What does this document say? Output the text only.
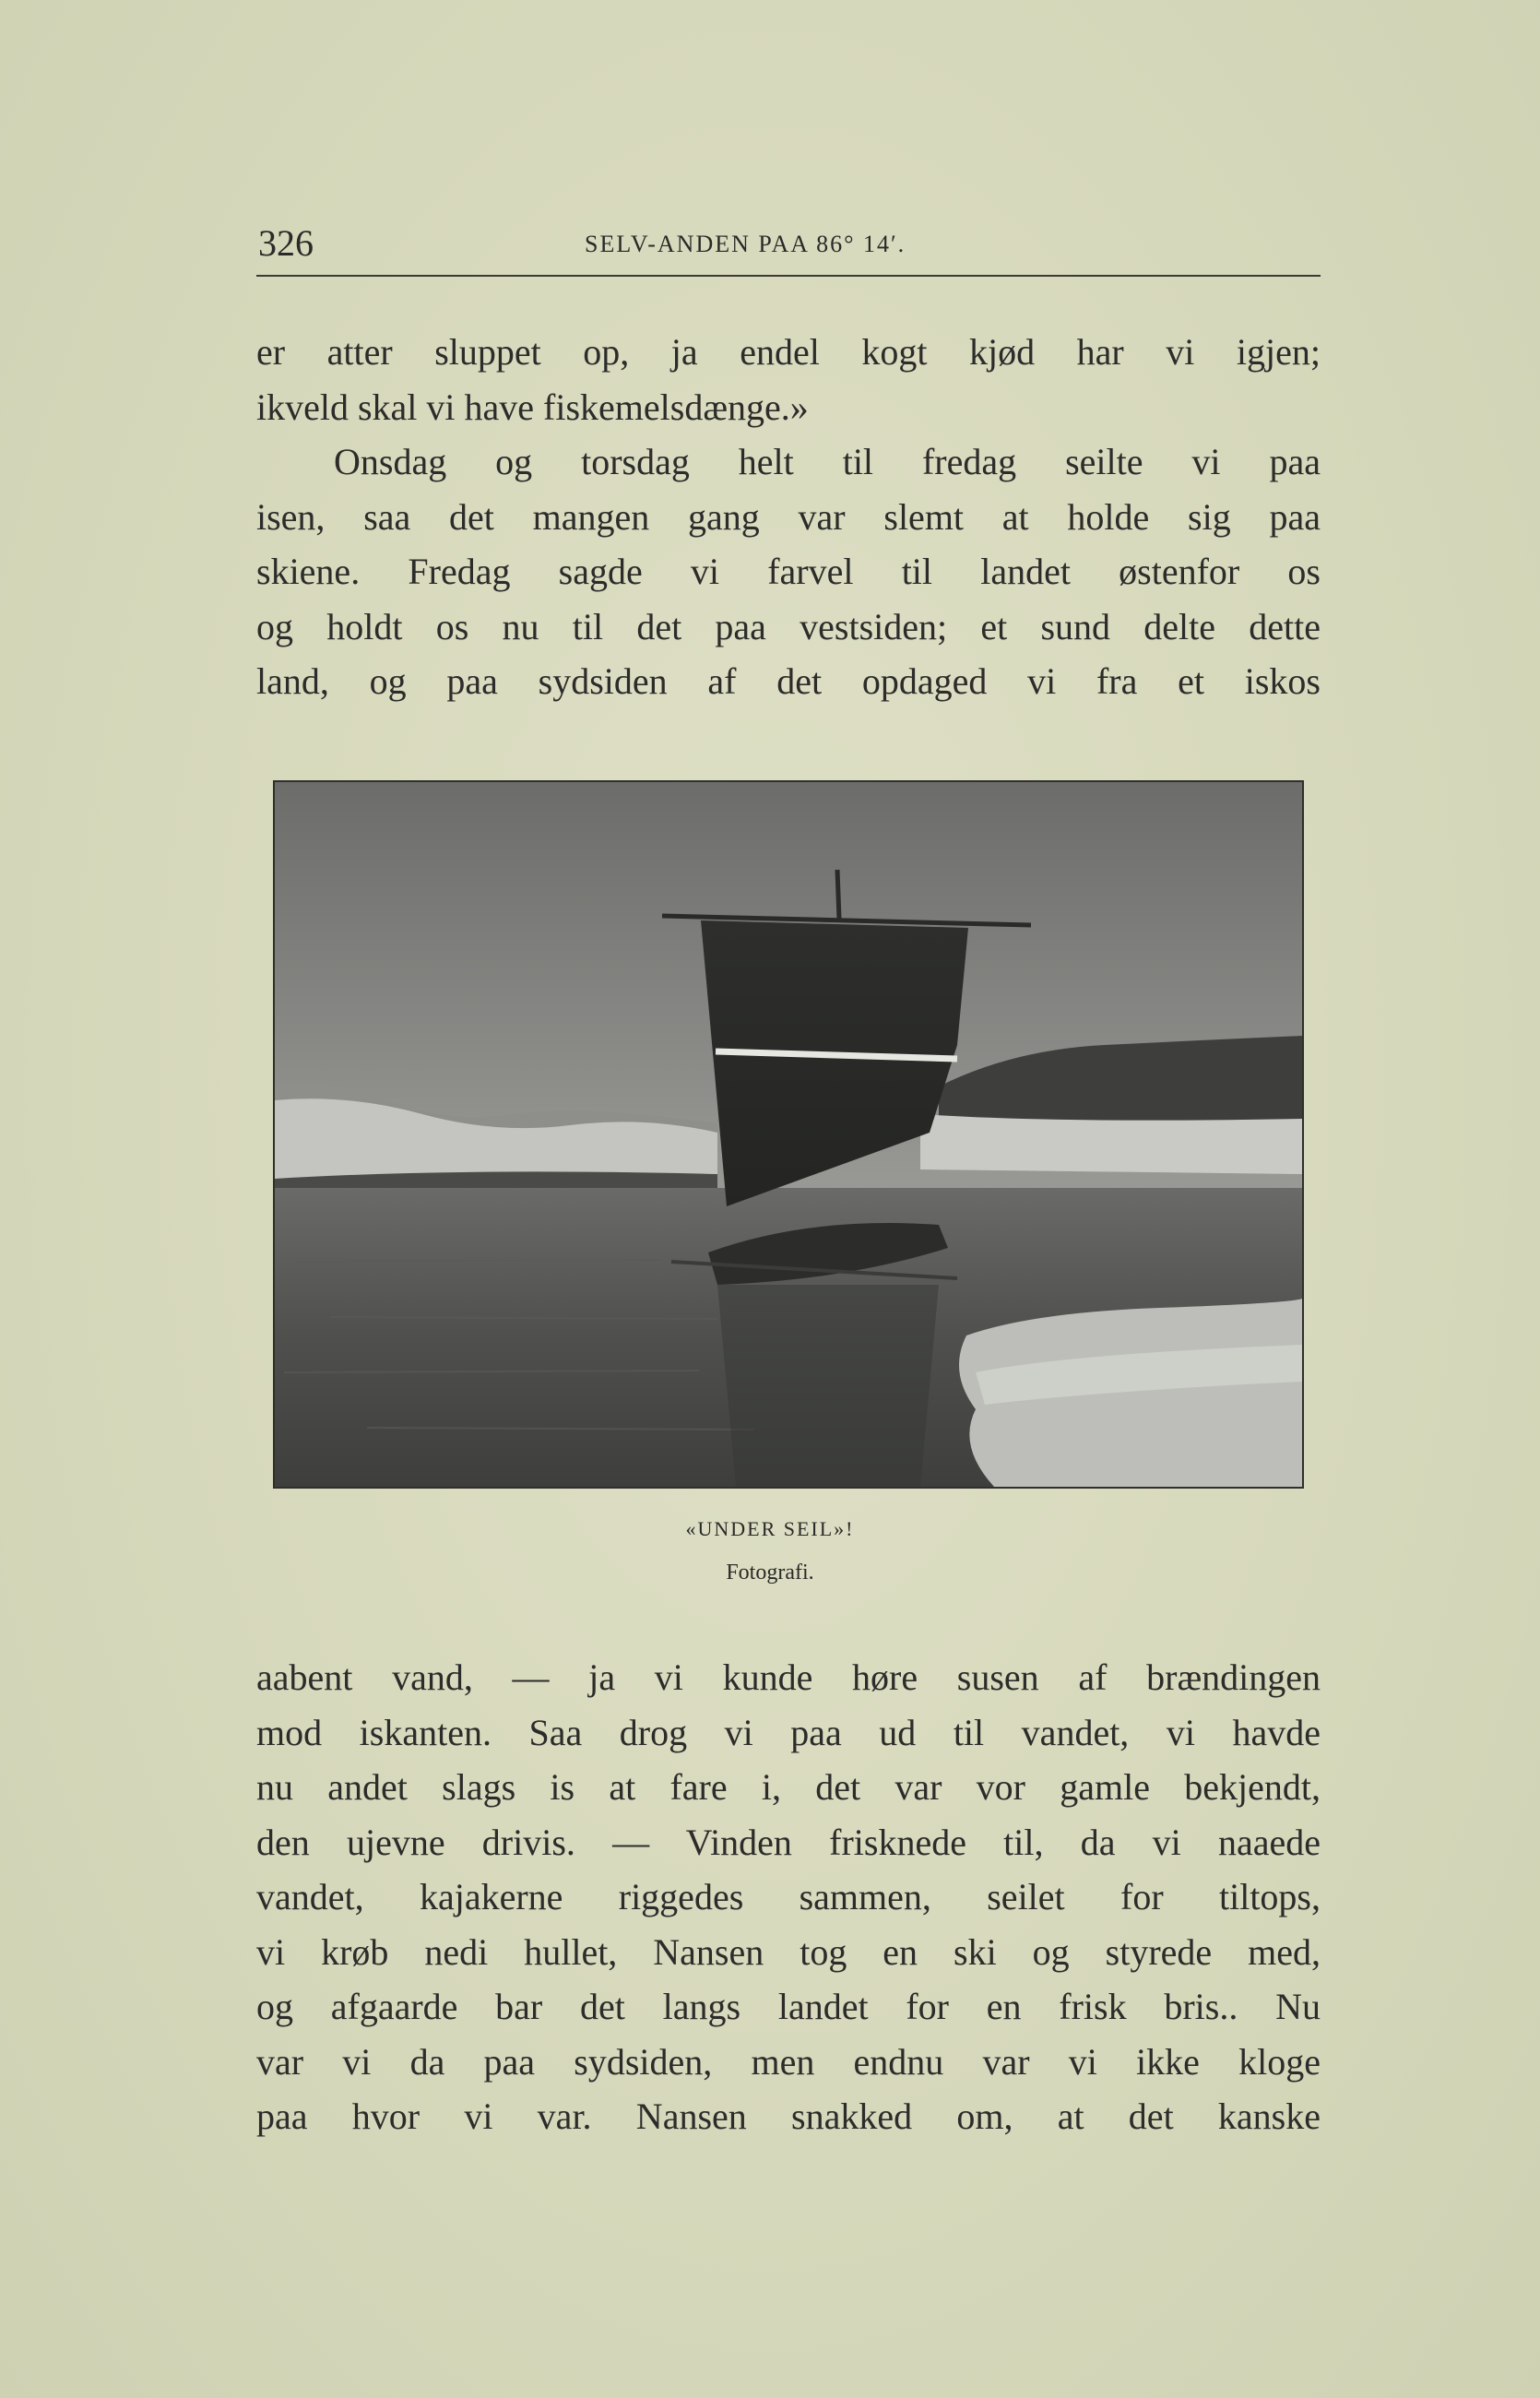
326	SELV-ANDEN PAA 86° 14′.
er atter sluppet op, ja endel kogt kjød har vi igjen;
ikveld skal vi have fiskemelsdænge.»
Onsdag og torsdag helt til fredag seilte vi paa
isen, saa det mangen gang var slemt at holde sig paa
skiene. Fredag sagde vi farvel til landet østenfor os
og holdt os nu til det paa vestsiden; et sund delte dette
land, og paa sydsiden af det opdaged vi fra et iskos
«UNDER SEIL»!
Fotografi.
aabent vand, — ja vi kunde høre susen af brændingen
mod iskanten. Saa drog vi paa ud til vandet, vi havde
nu andet slags is at fare i, det var vor gamle bekjendt,
den ujevne drivis. — Vinden frisknede til, da vi naaede
vandet, kajakerne riggedes sammen, seilet for tiltops,
vi krøb nedi hullet, Nansen tog en ski og styrede med,
og afgaarde bar det langs landet for en frisk bris.. Nu
var vi da paa sydsiden, men endnu var vi ikke kloge
paa hvor vi var. Nansen snakked om, at det kanske
